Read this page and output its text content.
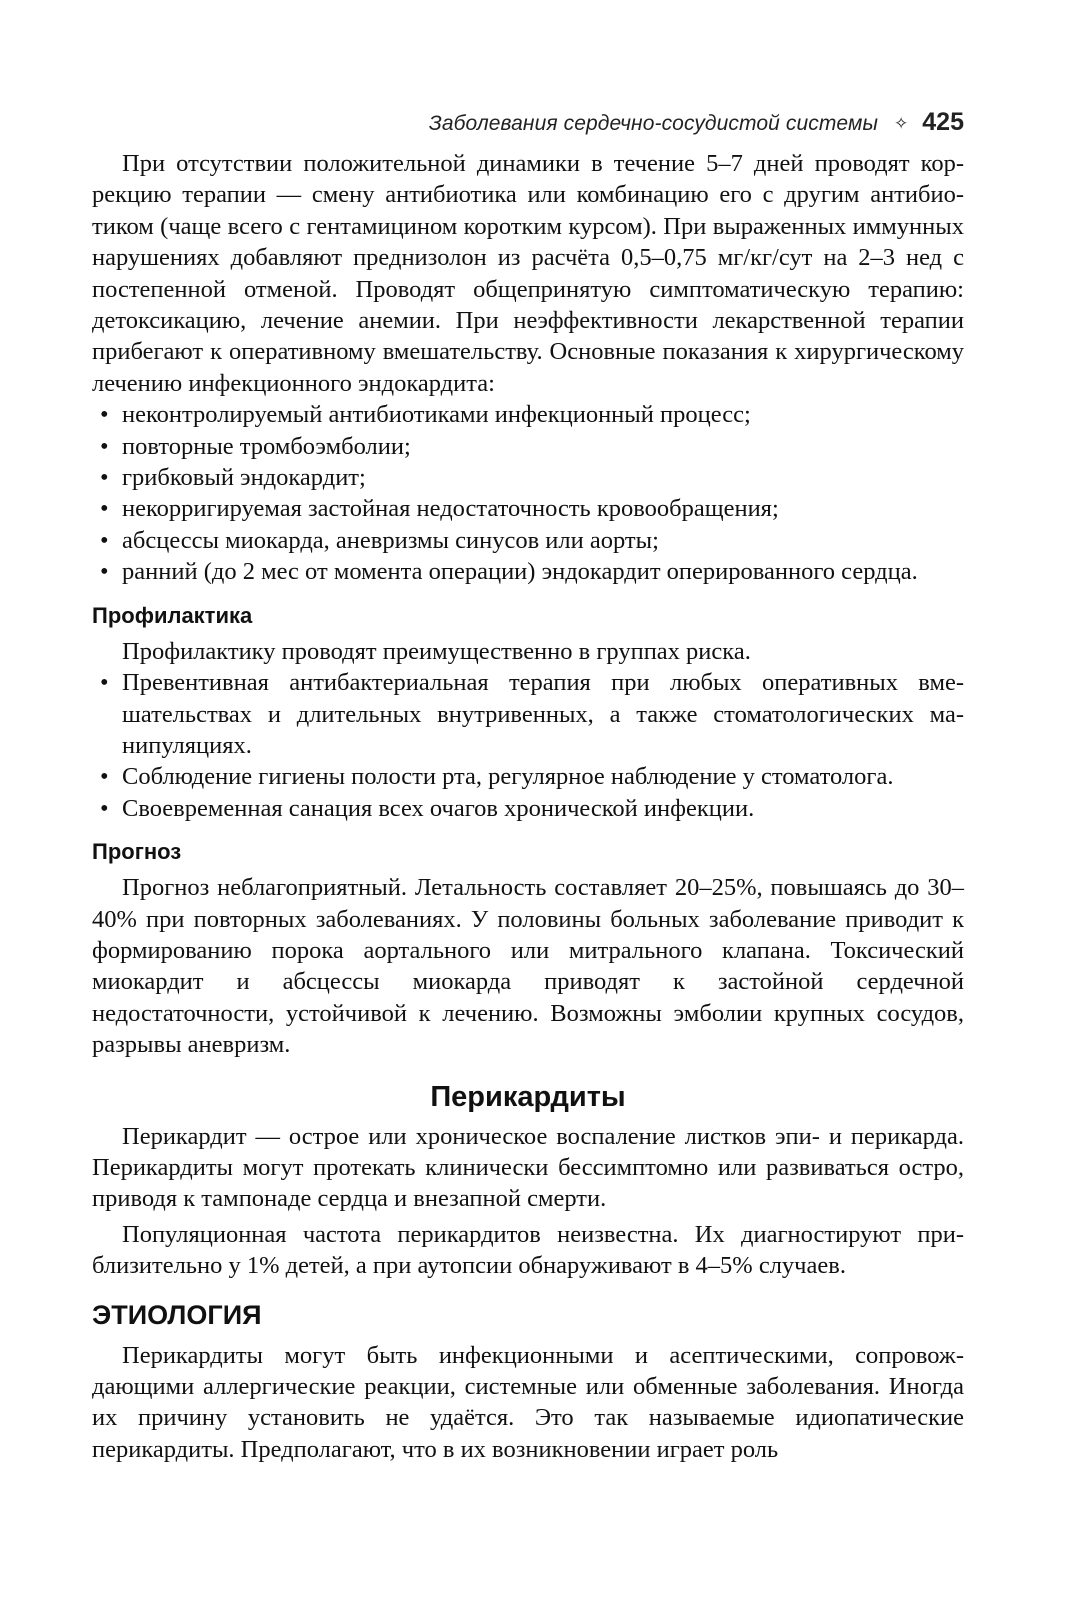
Заболевания сердечно-сосудистой системы ✧ 425

При отсутствии положительной динамики в течение 5–7 дней проводят коррекцию терапии — смену антибиотика или комбинацию его с другим антибиотиком (чаще всего с гентамицином коротким курсом). При выраженных иммунных нарушениях добавляют преднизолон из расчёта 0,5–0,75 мг/кг/сут на 2–3 нед с постепенной отменой. Проводят общепринятую симптоматическую терапию: детоксикацию, лечение анемии. При неэффективности лекарственной терапии прибегают к оперативному вмешательству. Основные показания к хирургическому лечению инфекционного эндокардита:

• неконтролируемый антибиотиками инфекционный процесс;
• повторные тромбоэмболии;
• грибковый эндокардит;
• некорригируемая застойная недостаточность кровообращения;
• абсцессы миокарда, аневризмы синусов или аорты;
• ранний (до 2 мес от момента операции) эндокардит оперированного сердца.
Профилактика

Профилактику проводят преимущественно в группах риска.

• Превентивная антибактериальная терапия при любых оперативных вмешательствах и длительных внутривенных, а также стоматологических манипуляциях.
• Соблюдение гигиены полости рта, регулярное наблюдение у стоматолога.
• Своевременная санация всех очагов хронической инфекции.
Прогноз

Прогноз неблагоприятный. Летальность составляет 20–25%, повышаясь до 30–40% при повторных заболеваниях. У половины больных заболевание приводит к формированию порока аортального или митрального клапана. Токсический миокардит и абсцессы миокарда приводят к застойной сердечной недостаточности, устойчивой к лечению. Возможны эмболии крупных сосудов, разрывы аневризм.

Перикардиты

Перикардит — острое или хроническое воспаление листков эпи- и перикарда. Перикардиты могут протекать клинически бессимптомно или развиваться остро, приводя к тампонаде сердца и внезапной смерти.

Популяционная частота перикардитов неизвестна. Их диагностируют приблизительно у 1% детей, а при аутопсии обнаруживают в 4–5% случаев.

ЭТИОЛОГИЯ

Перикардиты могут быть инфекционными и асептическими, сопровождающими аллергические реакции, системные или обменные заболевания. Иногда их причину установить не удаётся. Это так называемые идиопатические перикардиты. Предполагают, что в их возникновении играет роль
